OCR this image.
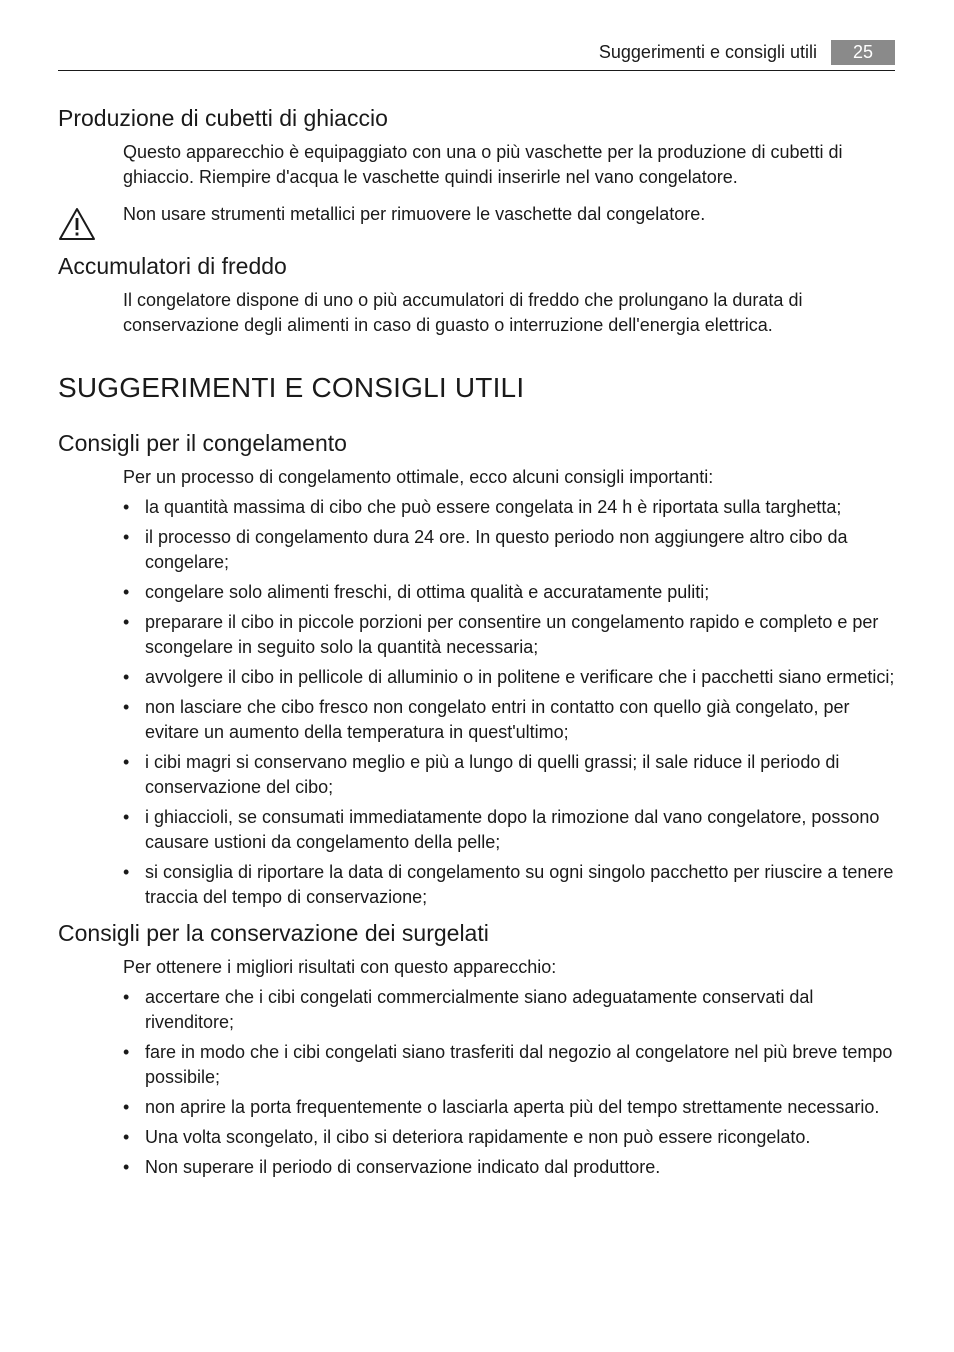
Suggerimenti e consigli utili	25
Produzione di cubetti di ghiaccio

Questo apparecchio è equipaggiato con una o più vaschette per la produzione di cubetti di ghiaccio. Riempire d'acqua le vaschette quindi inserirle nel vano congelatore.

Non usare strumenti metallici per rimuovere le vaschette dal congelatore.

Accumulatori di freddo

Il congelatore dispone di uno o più accumulatori di freddo che prolungano la durata di conservazione degli alimenti in caso di guasto o interruzione dell'energia elettrica.

SUGGERIMENTI E CONSIGLI UTILI
Consigli per il congelamento

Per un processo di congelamento ottimale, ecco alcuni consigli importanti:

• la quantità massima di cibo che può essere congelata in 24 h è riportata sulla targhetta;
• il processo di congelamento dura 24 ore. In questo periodo non aggiungere altro cibo da congelare;
• congelare solo alimenti freschi, di ottima qualità e accuratamente puliti;
• preparare il cibo in piccole porzioni per consentire un congelamento rapido e completo e per scongelare in seguito solo la quantità necessaria;
• avvolgere il cibo in pellicole di alluminio o in politene e verificare che i pacchetti siano ermetici;
• non lasciare che cibo fresco non congelato entri in contatto con quello già congelato, per evitare un aumento della temperatura in quest'ultimo;
• i cibi magri si conservano meglio e più a lungo di quelli grassi; il sale riduce il periodo di conservazione del cibo;
• i ghiaccioli, se consumati immediatamente dopo la rimozione dal vano congelatore, possono causare ustioni da congelamento della pelle;
• si consiglia di riportare la data di congelamento su ogni singolo pacchetto per riuscire a tenere traccia del tempo di conservazione;
Consigli per la conservazione dei surgelati

Per ottenere i migliori risultati con questo apparecchio:

• accertare che i cibi congelati commercialmente siano adeguatamente conservati dal rivenditore;
• fare in modo che i cibi congelati siano trasferiti dal negozio al congelatore nel più breve tempo possibile;
• non aprire la porta frequentemente o lasciarla aperta più del tempo strettamente necessario.
• Una volta scongelato, il cibo si deteriora rapidamente e non può essere ricongelato.
• Non superare il periodo di conservazione indicato dal produttore.
